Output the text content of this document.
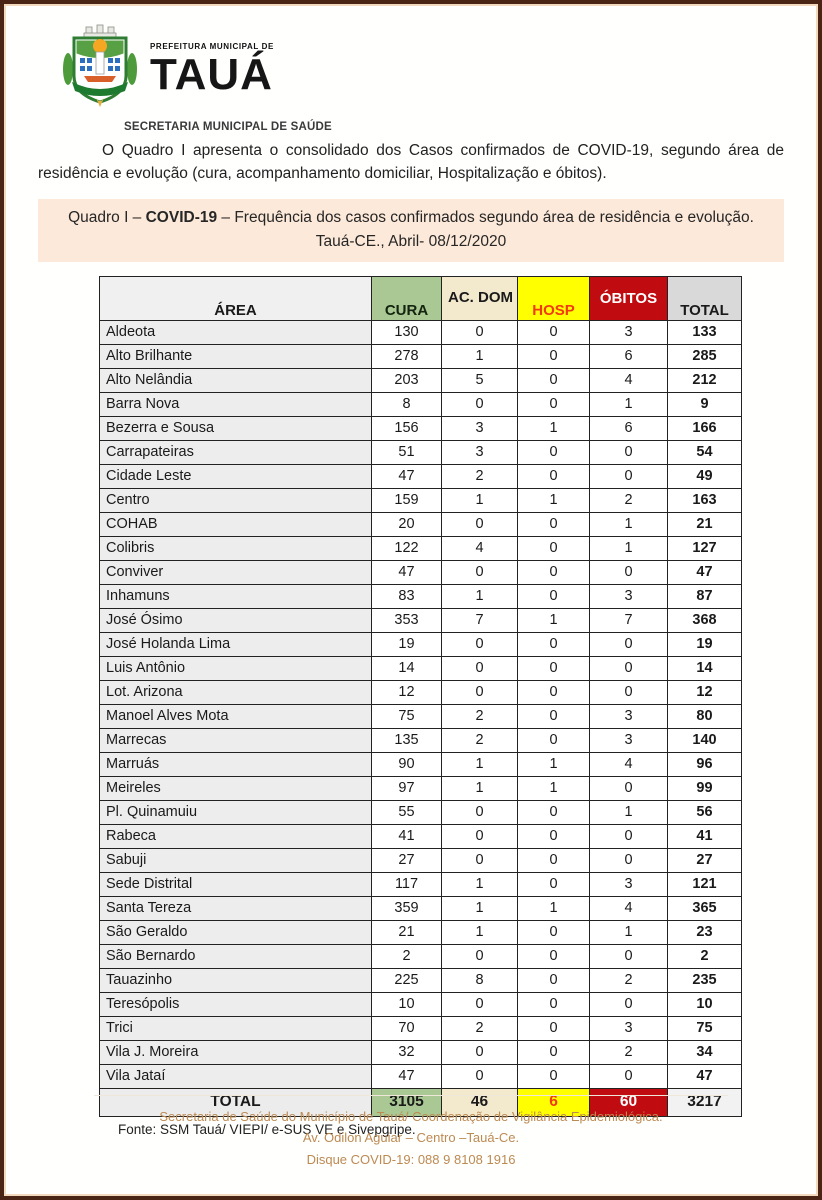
PREFEITURA MUNICIPAL DE
TAUÁ
SECRETARIA MUNICIPAL DE SAÚDE

O Quadro I apresenta o consolidado dos Casos confirmados de COVID-19, segundo área de residência e evolução (cura, acompanhamento domiciliar, Hospitalização e óbitos).

Quadro I – COVID-19 – Frequência dos casos confirmados segundo área de residência e evolução.
Tauá-CE., Abril- 08/12/2020
ÁREA	CURA	AC. DOM	HOSP	ÓBITOS	TOTAL
Aldeota	130	0	0	3	133
Alto Brilhante	278	1	0	6	285
Alto Nelândia	203	5	0	4	212
Barra Nova	8	0	0	1	9
Bezerra e Sousa	156	3	1	6	166
Carrapateiras	51	3	0	0	54
Cidade Leste	47	2	0	0	49
Centro	159	1	1	2	163
COHAB	20	0	0	1	21
Colibris	122	4	0	1	127
Conviver	47	0	0	0	47
Inhamuns	83	1	0	3	87
José Ósimo	353	7	1	7	368
José Holanda Lima	19	0	0	0	19
Luis Antônio	14	0	0	0	14
Lot. Arizona	12	0	0	0	12
Manoel Alves Mota	75	2	0	3	80
Marrecas	135	2	0	3	140
Marruás	90	1	1	4	96
Meireles	97	1	1	0	99
Pl. Quinamuiu	55	0	0	1	56
Rabeca	41	0	0	0	41
Sabuji	27	0	0	0	27
Sede Distrital	117	1	0	3	121
Santa Tereza	359	1	1	4	365
São Geraldo	21	1	0	1	23
São Bernardo	2	0	0	0	2
Tauazinho	225	8	0	2	235
Teresópolis	10	0	0	0	10
Trici	70	2	0	3	75
Vila J. Moreira	32	0	0	2	34
Vila Jataí	47	0	0	0	47
TOTAL	3105	46	6	60	3217
Fonte: SSM Tauá/ VIEPI/ e-SUS VE e Sivepgripe.
Secretaria de Saúde do Município de Tauá/ Coordenação de Vigilância Epidemiológica.
Av. Odilon Aguiar – Centro –Tauá-Ce.
Disque COVID-19: 088 9 8108 1916
